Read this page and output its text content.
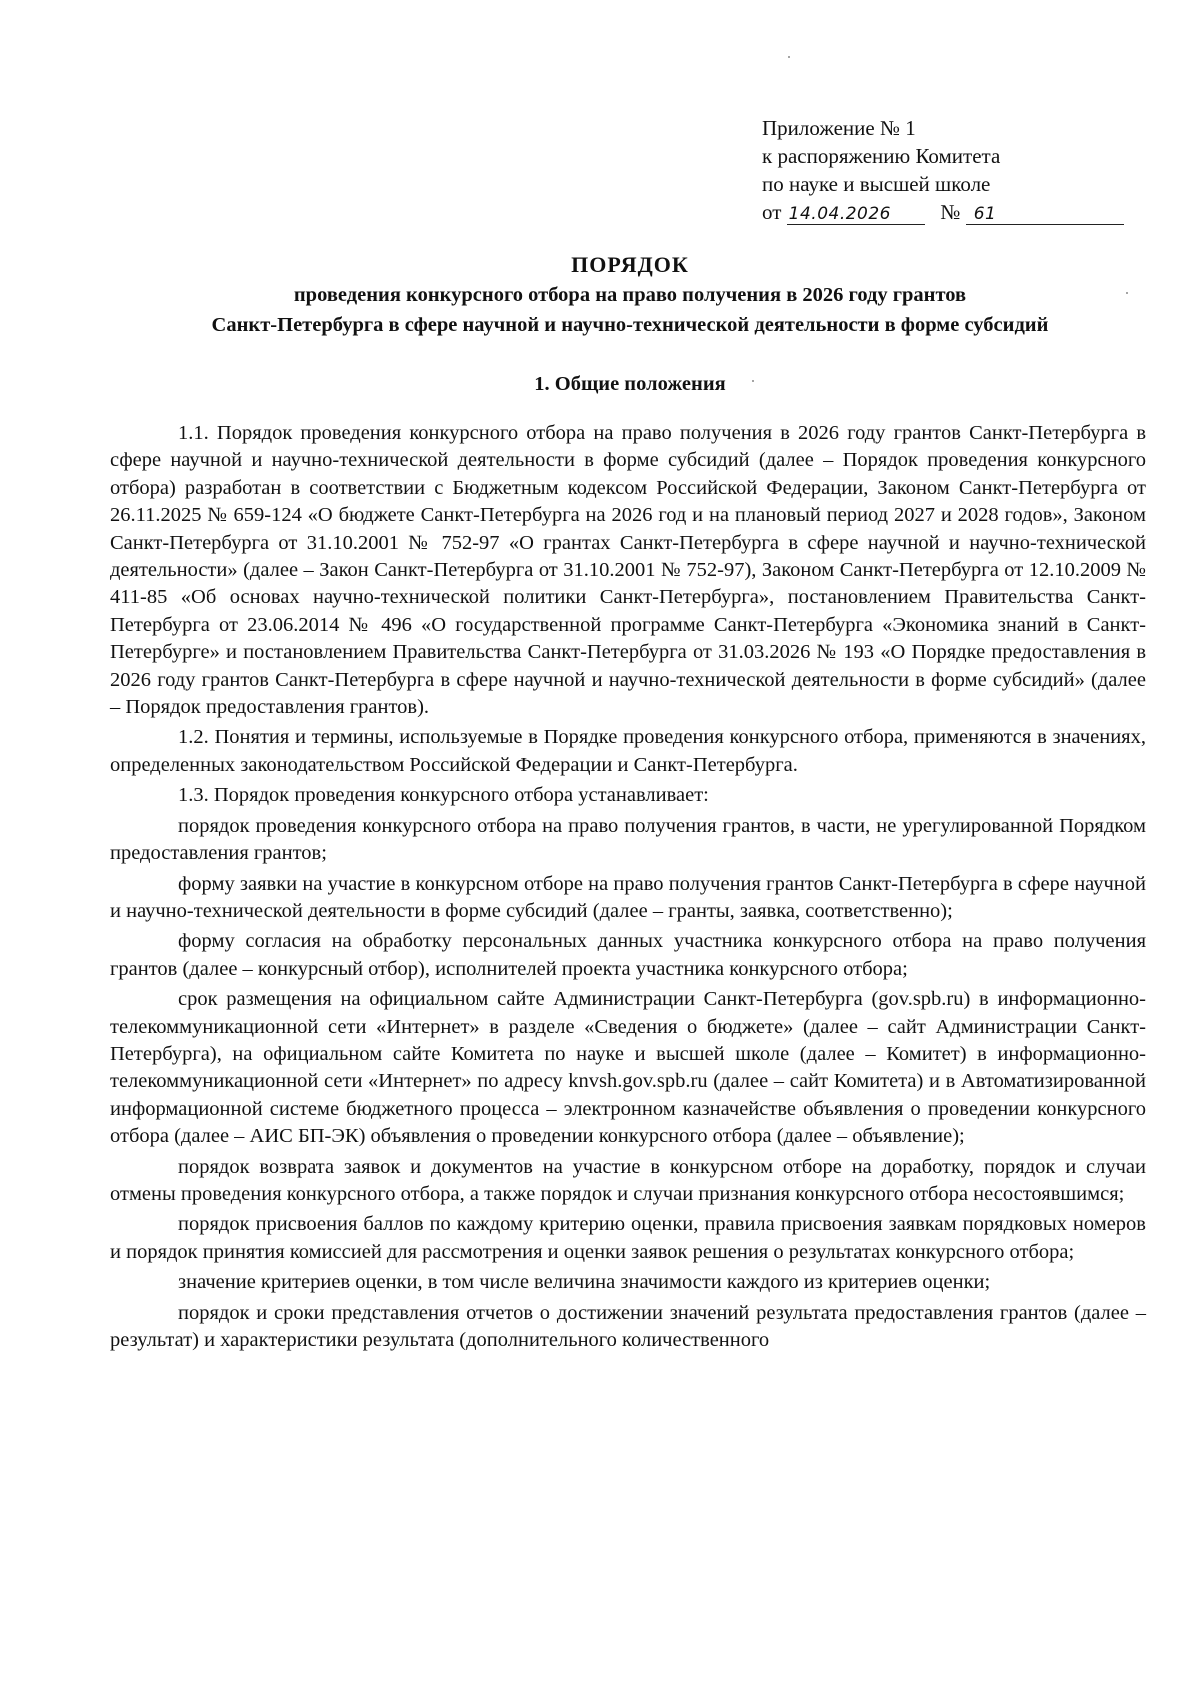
Приложение № 1
к распоряжению Комитета
по науке и высшей школе
от 14.04.2026 № 61
ПОРЯДОК
проведения конкурсного отбора на право получения в 2026 году грантов
Санкт-Петербурга в сфере научной и научно-технической деятельности в форме субсидий
1. Общие положения

1.1. Порядок проведения конкурсного отбора на право получения в 2026 году грантов Санкт-Петербурга в сфере научной и научно-технической деятельности в форме субсидий (далее – Порядок проведения конкурсного отбора) разработан в соответствии с Бюджетным кодексом Российской Федерации, Законом Санкт-Петербурга от 26.11.2025 № 659-124 «О бюджете Санкт-Петербурга на 2026 год и на плановый период 2027 и 2028 годов», Законом Санкт-Петербурга от 31.10.2001 № 752-97 «О грантах Санкт-Петербурга в сфере научной и научно-технической деятельности» (далее – Закон Санкт-Петербурга от 31.10.2001 № 752-97), Законом Санкт-Петербурга от 12.10.2009 № 411-85 «Об основах научно-технической политики Санкт-Петербурга», постановлением Правительства Санкт-Петербурга от 23.06.2014 № 496 «О государственной программе Санкт-Петербурга «Экономика знаний в Санкт-Петербурге» и постановлением Правительства Санкт-Петербурга от 31.03.2026 № 193 «О Порядке предоставления в 2026 году грантов Санкт-Петербурга в сфере научной и научно-технической деятельности в форме субсидий» (далее – Порядок предоставления грантов).

1.2. Понятия и термины, используемые в Порядке проведения конкурсного отбора, применяются в значениях, определенных законодательством Российской Федерации и Санкт-Петербурга.

1.3. Порядок проведения конкурсного отбора устанавливает:

порядок проведения конкурсного отбора на право получения грантов, в части, не урегулированной Порядком предоставления грантов;

форму заявки на участие в конкурсном отборе на право получения грантов Санкт-Петербурга в сфере научной и научно-технической деятельности в форме субсидий (далее – гранты, заявка, соответственно);

форму согласия на обработку персональных данных участника конкурсного отбора на право получения грантов (далее – конкурсный отбор), исполнителей проекта участника конкурсного отбора;

срок размещения на официальном сайте Администрации Санкт-Петербурга (gov.spb.ru) в информационно-телекоммуникационной сети «Интернет» в разделе «Сведения о бюджете» (далее – сайт Администрации Санкт-Петербурга), на официальном сайте Комитета по науке и высшей школе (далее – Комитет) в информационно-телекоммуникационной сети «Интернет» по адресу knvsh.gov.spb.ru (далее – сайт Комитета) и в Автоматизированной информационной системе бюджетного процесса – электронном казначействе объявления о проведении конкурсного отбора (далее – АИС БП-ЭК) объявления о проведении конкурсного отбора (далее – объявление);

порядок возврата заявок и документов на участие в конкурсном отборе на доработку, порядок и случаи отмены проведения конкурсного отбора, а также порядок и случаи признания конкурсного отбора несостоявшимся;

порядок присвоения баллов по каждому критерию оценки, правила присвоения заявкам порядковых номеров и порядок принятия комиссией для рассмотрения и оценки заявок решения о результатах конкурсного отбора;

значение критериев оценки, в том числе величина значимости каждого из критериев оценки;

порядок и сроки представления отчетов о достижении значений результата предоставления грантов (далее – результат) и характеристики результата (дополнительного количественного
